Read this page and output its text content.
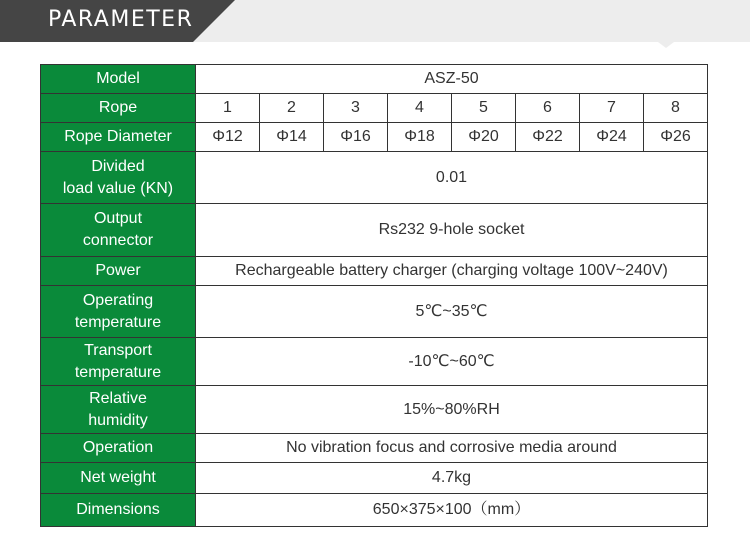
PARAMETER
Model	ASZ-50							
Rope	1	2	3	4	5	6	7	8
Rope Diameter	Φ12	Φ14	Φ16	Φ18	Φ20	Φ22	Φ24	Φ26
Divided
load value (KN)	0.01							
Output
connector	Rs232 9-hole socket							
Power	Rechargeable battery charger (charging voltage 100V~240V)							
Operating
temperature	5℃~35℃							
Transport
temperature	-10℃~60℃							
Relative
humidity	15%~80%RH							
Operation	No vibration focus and corrosive media around							
Net weight	4.7kg							
Dimensions	650×375×100（mm）							
